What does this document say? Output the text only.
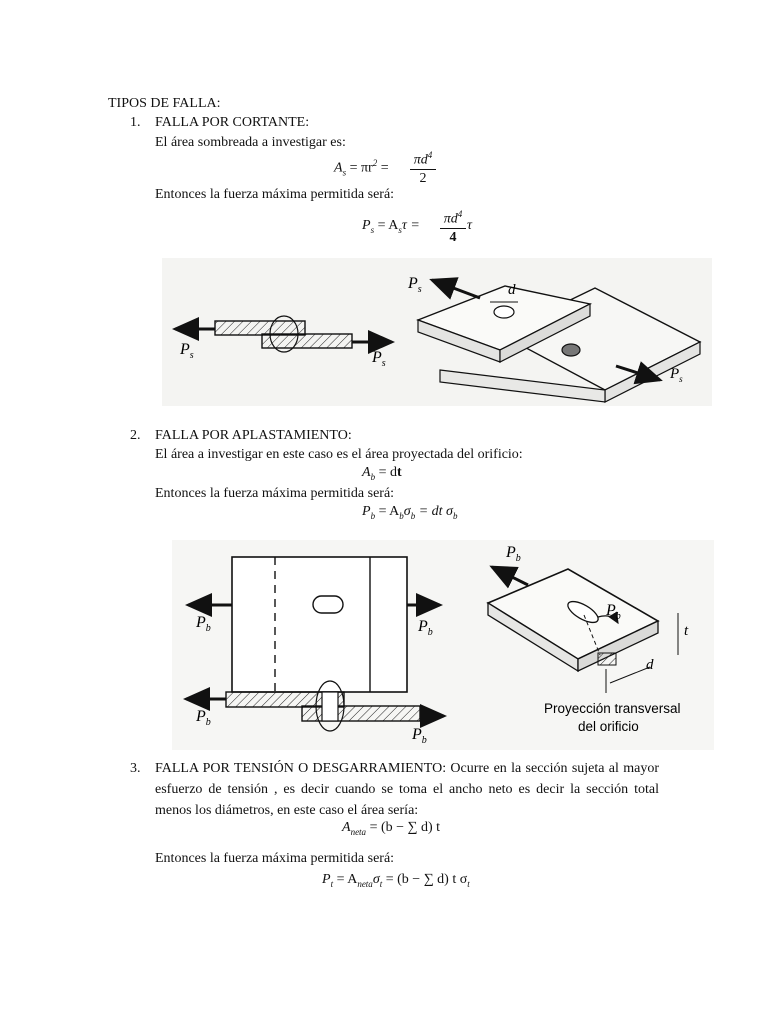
TIPOS DE FALLA:
1. FALLA POR CORTANTE:
El área sombreada a investigar es:
$A_s = \pi r^2$ =
$\pi d^4$
2
Entonces la fuerza máxima permitida será:
$P_s = A_s\tau = \pi d^4$
4
τ
$P_s$	$P_s$
$P_s$	d
$P_s$
2. FALLA POR APLASTAMIENTO:
El área a investigar en este caso es el área proyectada del orificio:
$A_b$ = dt
Entonces la fuerza máxima permitida será:
$P_b = A_b\sigma_b$ = dt $\sigma_b$
$P_b$	$P_b$
$P_b$
$P_b$
$P_b$
$P_b$
t
d
Proyección transversal
del orificio
3. FALLA POR TENSIÓN O DESGARRAMIENTO: Ocurre en la sección sujeta al mayor esfuerzo de tensión , es decir cuando se toma el ancho neto es decir la sección total menos los diámetros, en este caso el área sería:
$A_{neta} = (b$ − ∑ d) t
Entonces la fuerza máxima permitida será:
$P_t = A_{neta}\sigma_t = (b$ − ∑ d) t $\sigma_t$
